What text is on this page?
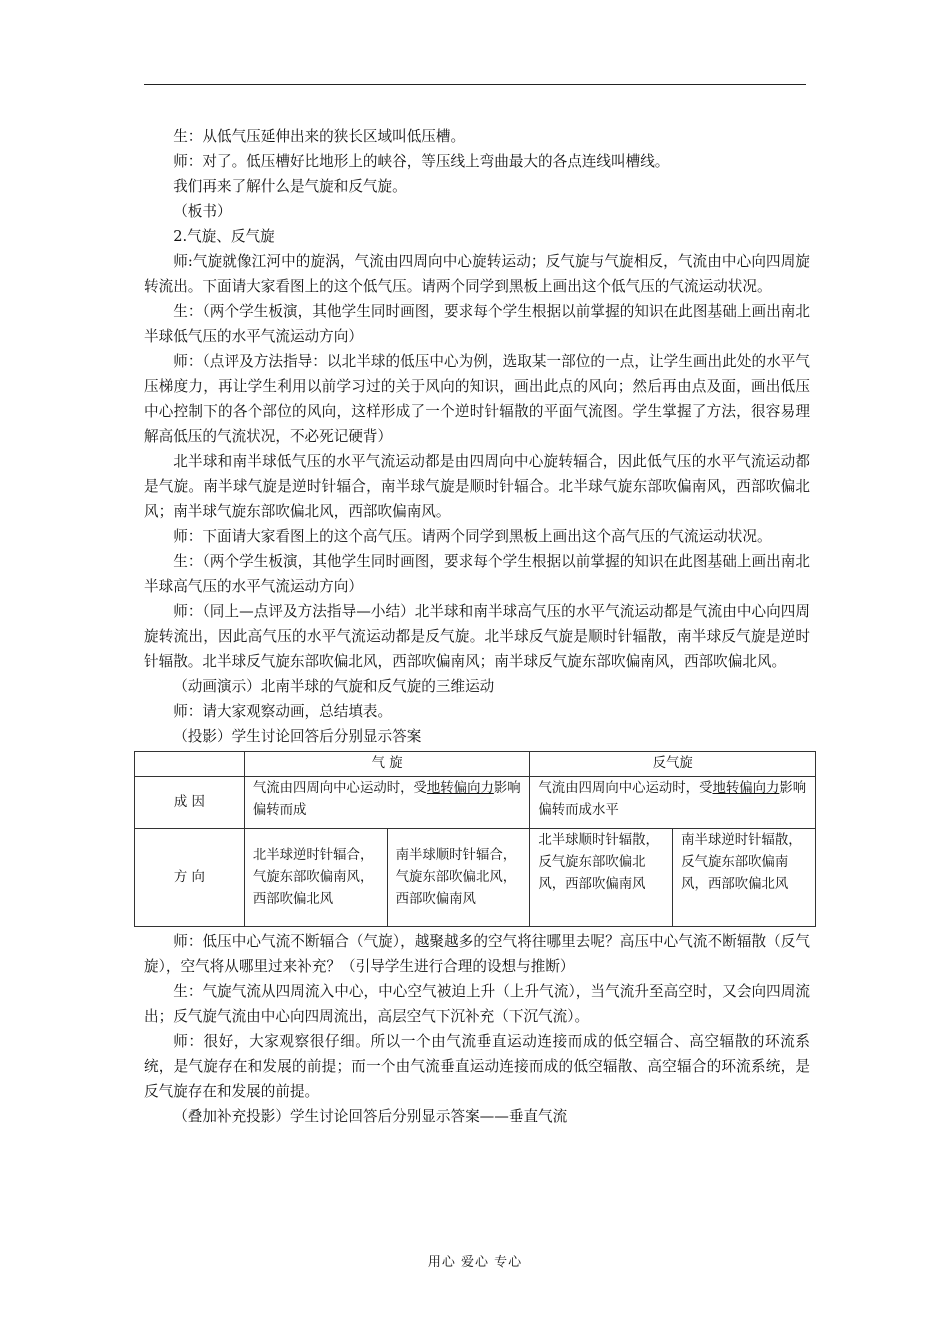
生：从低气压延伸出来的狭长区域叫低压槽。

师：对了。低压槽好比地形上的峡谷，等压线上弯曲最大的各点连线叫槽线。

我们再来了解什么是气旋和反气旋。

（板书）

2.气旋、反气旋

师:气旋就像江河中的旋涡，气流由四周向中心旋转运动；反气旋与气旋相反，气流由中心向四周旋转流出。下面请大家看图上的这个低气压。请两个同学到黑板上画出这个低气压的气流运动状况。

生：（两个学生板演，其他学生同时画图，要求每个学生根据以前掌握的知识在此图基础上画出南北半球低气压的水平气流运动方向）

师：（点评及方法指导：以北半球的低压中心为例，选取某一部位的一点，让学生画出此处的水平气压梯度力，再让学生利用以前学习过的关于风向的知识，画出此点的风向；然后再由点及面，画出低压中心控制下的各个部位的风向，这样形成了一个逆时针辐散的平面气流图。学生掌握了方法，很容易理解高低压的气流状况，不必死记硬背）

北半球和南半球低气压的水平气流运动都是由四周向中心旋转辐合，因此低气压的水平气流运动都是气旋。南半球气旋是逆时针辐合，南半球气旋是顺时针辐合。北半球气旋东部吹偏南风，西部吹偏北风；南半球气旋东部吹偏北风，西部吹偏南风。

师：下面请大家看图上的这个高气压。请两个同学到黑板上画出这个高气压的气流运动状况。

生：（两个学生板演，其他学生同时画图，要求每个学生根据以前掌握的知识在此图基础上画出南北半球高气压的水平气流运动方向）

师：（同上—点评及方法指导—小结）北半球和南半球高气压的水平气流运动都是气流由中心向四周旋转流出，因此高气压的水平气流运动都是反气旋。北半球反气旋是顺时针辐散，南半球反气旋是逆时针辐散。北半球反气旋东部吹偏北风，西部吹偏南风；南半球反气旋东部吹偏南风，西部吹偏北风。

（动画演示）北南半球的气旋和反气旋的三维运动

师：请大家观察动画，总结填表。

（投影）学生讨论回答后分别显示答案

	气 旋		反气旋	
成 因	气流由四周向中心运动时，受地转偏向力影响偏转而成		气流由四周向中心运动时，受地转偏向力影响偏转而成水平	
方 向	北半球逆时针辐合，气旋东部吹偏南风，西部吹偏北风	南半球顺时针辐合，气旋东部吹偏北风，西部吹偏南风	北半球顺时针辐散，反气旋东部吹偏北风，西部吹偏南风	南半球逆时针辐散，反气旋东部吹偏南风，西部吹偏北风

师：低压中心气流不断辐合（气旋），越聚越多的空气将往哪里去呢？高压中心气流不断辐散（反气旋），空气将从哪里过来补充？（引导学生进行合理的设想与推断）

生：气旋气流从四周流入中心，中心空气被迫上升（上升气流），当气流升至高空时，又会向四周流出；反气旋气流由中心向四周流出，高层空气下沉补充（下沉气流）。

师：很好，大家观察很仔细。所以一个由气流垂直运动连接而成的低空辐合、高空辐散的环流系统，是气旋存在和发展的前提；而一个由气流垂直运动连接而成的低空辐散、高空辐合的环流系统，是反气旋存在和发展的前提。

（叠加补充投影）学生讨论回答后分别显示答案——垂直气流

用心 爱心 专心
